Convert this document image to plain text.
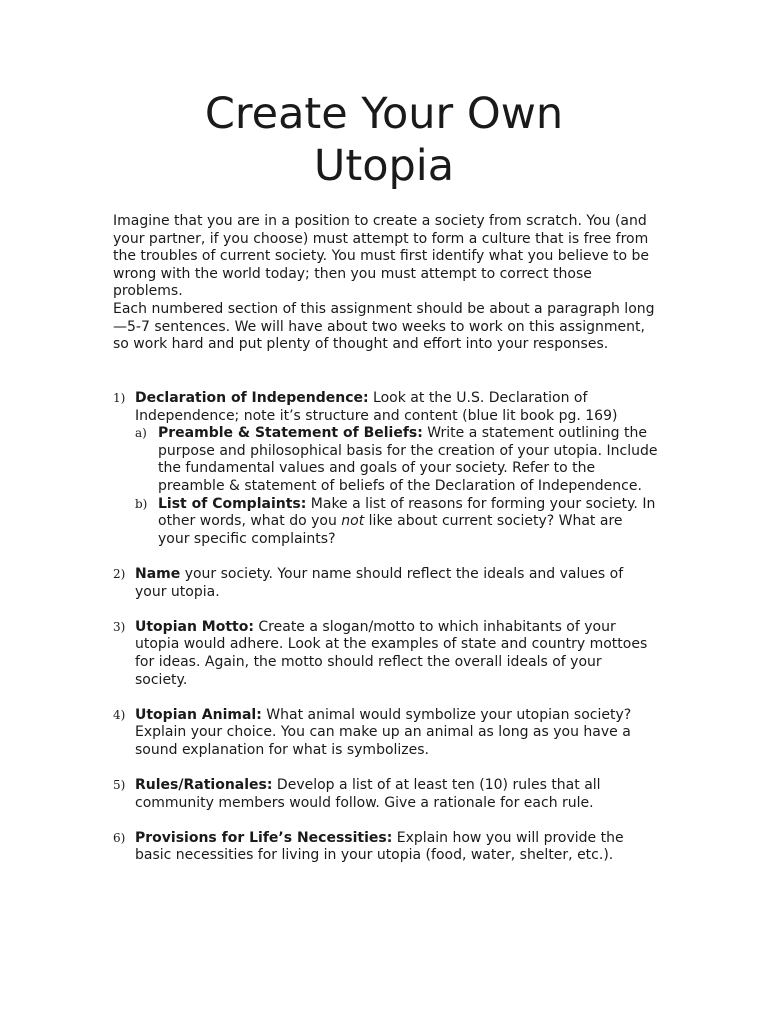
Create Your Own
Utopia

Imagine that you are in a position to create a society from scratch. You (and your partner, if you choose) must attempt to form a culture that is free from the troubles of current society. You must first identify what you believe to be wrong with the world today; then you must attempt to correct those problems.

Each numbered section of this assignment should be about a paragraph long—5-7 sentences. We will have about two weeks to work on this assignment, so work hard and put plenty of thought and effort into your responses.

1) Declaration of Independence: Look at the U.S. Declaration of Independence; note it’s structure and content (blue lit book pg. 169)
a) Preamble & Statement of Beliefs: Write a statement outlining the purpose and philosophical basis for the creation of your utopia. Include the fundamental values and goals of your society. Refer to the preamble & statement of beliefs of the Declaration of Independence.
b) List of Complaints: Make a list of reasons for forming your society. In other words, what do you not like about current society? What are your specific complaints?
2) Name your society. Your name should reflect the ideals and values of your utopia.
3) Utopian Motto: Create a slogan/motto to which inhabitants of your utopia would adhere. Look at the examples of state and country mottoes for ideas. Again, the motto should reflect the overall ideals of your society.
4) Utopian Animal: What animal would symbolize your utopian society? Explain your choice. You can make up an animal as long as you have a sound explanation for what is symbolizes.
5) Rules/Rationales: Develop a list of at least ten (10) rules that all community members would follow. Give a rationale for each rule.
6) Provisions for Life’s Necessities: Explain how you will provide the basic necessities for living in your utopia (food, water, shelter, etc.).
